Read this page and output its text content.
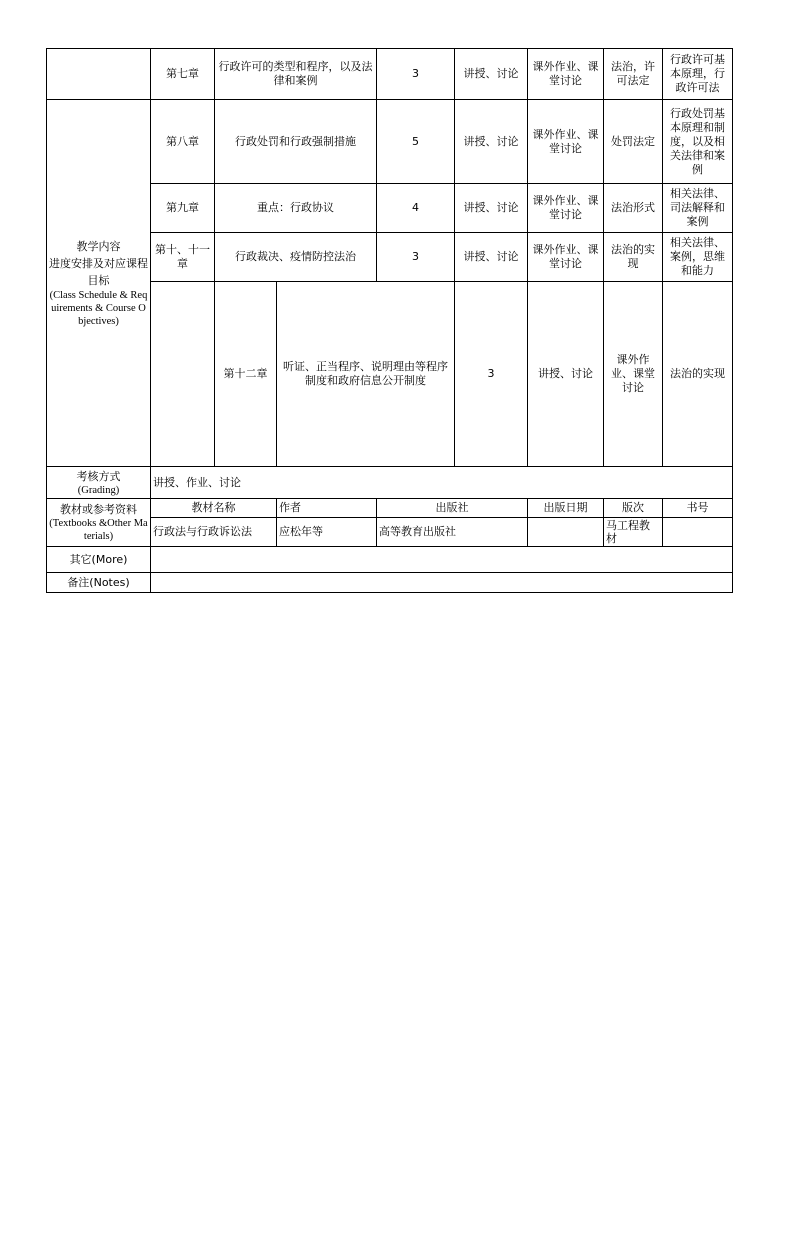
	第七章	行政许可的类型和程序，以及法律和案例		3	讲授、讨论	课外作业、课堂讨论	法治，许可法定	行政许可基本原理，行政许可法	

教学内容
进度安排及对应课程
目标
(Class Schedule & Requirements & Course Objectives)	第八章	行政处罚和行政强制措施		5	讲授、讨论	课外作业、课堂讨论	处罚法定	行政处罚基本原理和制度，以及相关法律和案例	
	第九章	重点：行政协议		4	讲授、讨论	课外作业、课堂讨论	法治形式	相关法律、司法解释和案例	
	第十、十一章	行政裁决、疫情防控法治		3	讲授、讨论	课外作业、课堂讨论	法治的实现	相关法律、案例，思维和能力	
		第十二章	听证、正当程序、说明理由等程序制度和政府信息公开制度		3	讲授、讨论	课外作业、课堂讨论	法治的实现	

考核方式
(Grading)	讲授、作业、讨论								

教材或参考资料
(Textbooks &Other Materials)	教材名称		作者	出版社		出版日期	版次	书号	
	行政法与行政诉讼法		应松年等	高等教育出版社			马工程教材		
其它(More)									
备注(Notes)									
